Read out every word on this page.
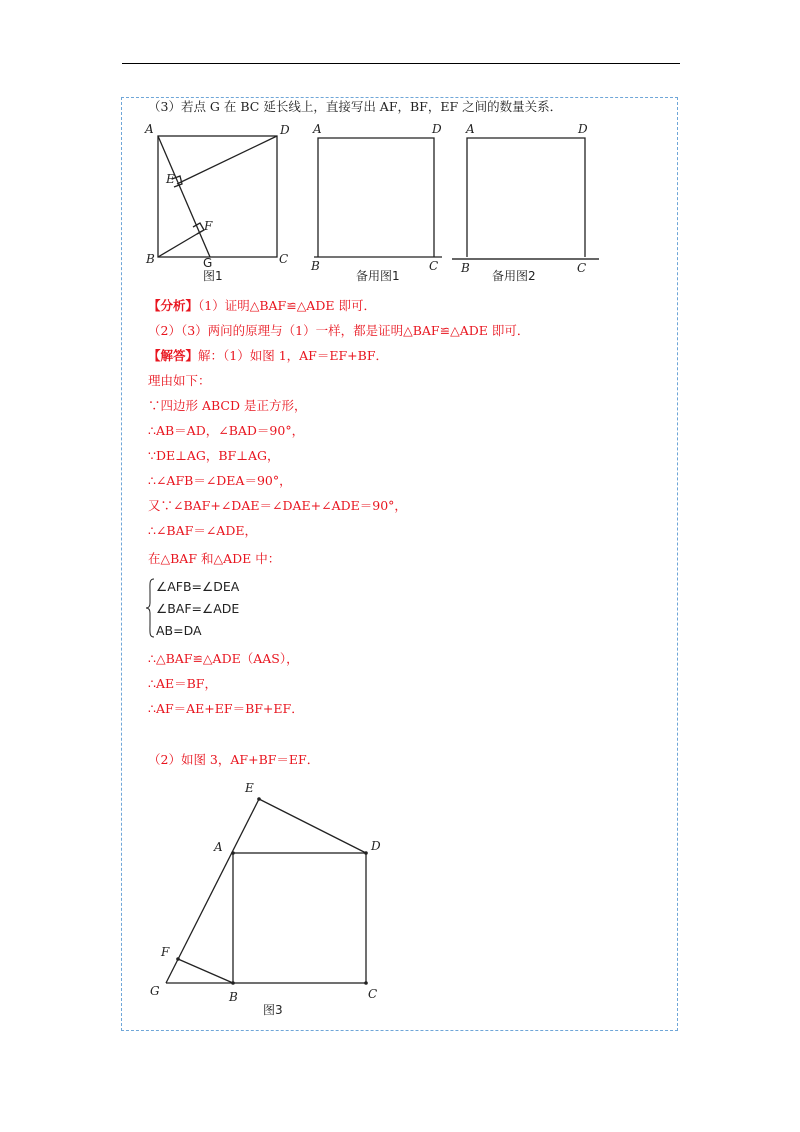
（3）若点 G 在 BC 延长线上，直接写出 AF，BF，EF 之间的数量关系．
A	D
E
F
B	G	C
图1
A	D
B	C
备用图1
A	D
B	C
备用图2
E
A	D
F
G	B	C
图3
【分析】（1）证明△BAF≌△ADE 即可．
（2）（3）两问的原理与（1）一样，都是证明△BAF≌△ADE 即可．
【解答】解：（1）如图 1，AF＝EF+BF．
理由如下：
∵四边形 ABCD 是正方形，
∴AB＝AD，∠BAD＝90°，
∵DE⊥AG，BF⊥AG，
∴∠AFB＝∠DEA＝90°，
又∵∠BAF+∠DAE＝∠DAE+∠ADE＝90°，
∴∠BAF＝∠ADE，
在△BAF 和△ADE 中：
∠AFB=∠DEA
∠BAF=∠ADE
AB=DA
∴△BAF≌△ADE（AAS），
∴AE＝BF，
∴AF＝AE+EF＝BF+EF．
（2）如图 3，AF+BF＝EF．
